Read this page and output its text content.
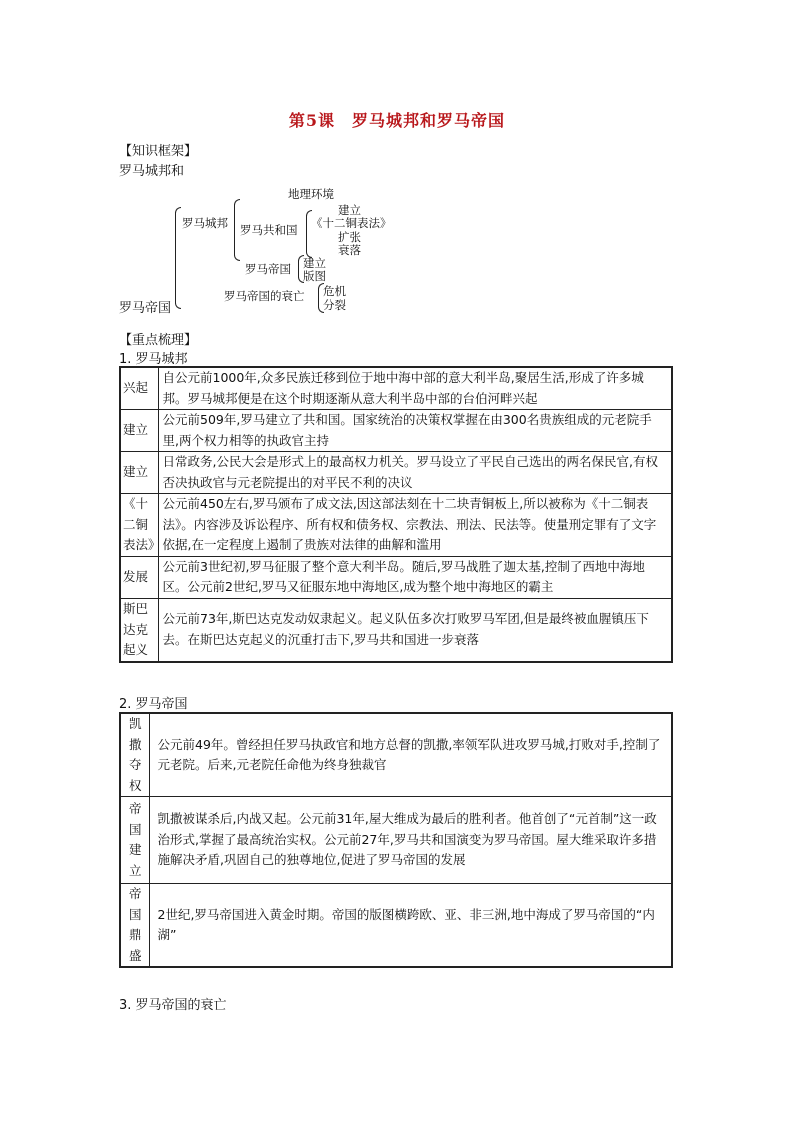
第5课　罗马城邦和罗马帝国
【知识框架】
罗马城邦和
罗马帝国
地理环境
罗马城邦 罗马共和国
建立
《十二铜表法》
扩张
衰落
罗马帝国 建立
版图
罗马帝国的衰亡 危机
分裂
【重点梳理】
1. 罗马城邦
兴起	自公元前1000年,众多民族迁移到位于地中海中部的意大利半岛,聚居生活,形成了许多城邦。罗马城邦便是在这个时期逐渐从意大利半岛中部的台伯河畔兴起
建立	公元前509年,罗马建立了共和国。国家统治的决策权掌握在由300名贵族组成的元老院手里,两个权力相等的执政官主持
建立	日常政务,公民大会是形式上的最高权力机关。罗马设立了平民自己选出的两名保民官,有权否决执政官与元老院提出的对平民不利的决议
《十二铜表法》	公元前450左右,罗马颁布了成文法,因这部法刻在十二块青铜板上,所以被称为《十二铜表法》。内容涉及诉讼程序、所有权和债务权、宗教法、刑法、民法等。使量刑定罪有了文字依据,在一定程度上遏制了贵族对法律的曲解和滥用
发展	公元前3世纪初,罗马征服了整个意大利半岛。随后,罗马战胜了迦太基,控制了西地中海地区。公元前2世纪,罗马又征服东地中海地区,成为整个地中海地区的霸主
斯巴达克起义	公元前73年,斯巴达克发动奴隶起义。起义队伍多次打败罗马军团,但是最终被血腥镇压下去。在斯巴达克起义的沉重打击下,罗马共和国进一步衰落
2. 罗马帝国
凯撒夺权	公元前49年。曾经担任罗马执政官和地方总督的凯撒,率领军队进攻罗马城,打败对手,控制了元老院。后来,元老院任命他为终身独裁官
帝国建立	凯撒被谋杀后,内战又起。公元前31年,屋大维成为最后的胜利者。他首创了“元首制”这一政治形式,掌握了最高统治实权。公元前27年,罗马共和国演变为罗马帝国。屋大维采取许多措施解决矛盾,巩固自己的独尊地位,促进了罗马帝国的发展
帝国鼎盛	2世纪,罗马帝国进入黄金时期。帝国的版图横跨欧、亚、非三洲,地中海成了罗马帝国的“内湖”
3. 罗马帝国的衰亡
